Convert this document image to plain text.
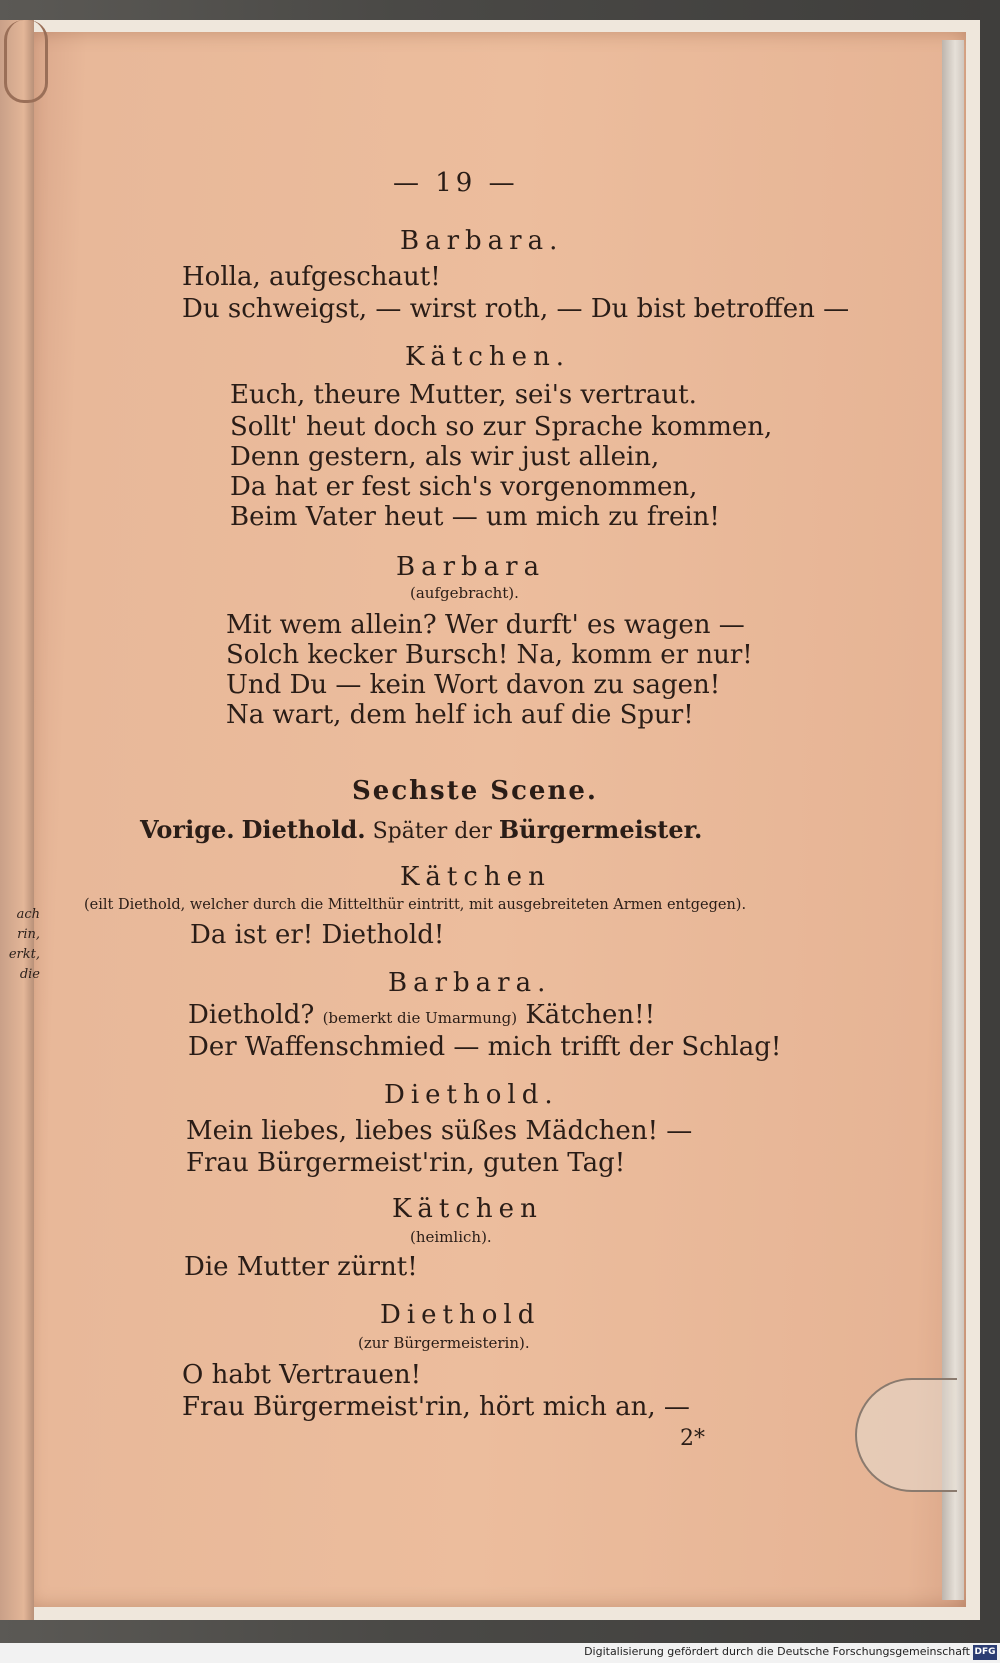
ach
rin,
erkt,
die
— 19 —
Barbara.
Holla, aufgeschaut!
Du schweigst, — wirst roth, — Du bist betroffen —
Kätchen.
Euch, theure Mutter, sei's vertraut.
Sollt' heut doch so zur Sprache kommen,
Denn gestern, als wir just allein,
Da hat er fest sich's vorgenommen,
Beim Vater heut — um mich zu frein!
Barbara
(aufgebracht).
Mit wem allein? Wer durft' es wagen —
Solch kecker Bursch! Na, komm er nur!
Und Du — kein Wort davon zu sagen!
Na wart, dem helf ich auf die Spur!
Sechste Scene.
Vorige. Diethold. Später der Bürgermeister.
Kätchen
(eilt Diethold, welcher durch die Mittelthür eintritt, mit ausgebreiteten Armen entgegen).
Da ist er! Diethold!
Barbara.
Diethold? (bemerkt die Umarmung) Kätchen!!
Der Waffenschmied — mich trifft der Schlag!
Diethold.
Mein liebes, liebes süßes Mädchen! —
Frau Bürgermeist'rin, guten Tag!
Kätchen
(heimlich).
Die Mutter zürnt!
Diethold
(zur Bürgermeisterin).
O habt Vertrauen!
Frau Bürgermeist'rin, hört mich an, —
2*
Digitalisierung gefördert durch die Deutsche Forschungsgemeinschaft DFG
